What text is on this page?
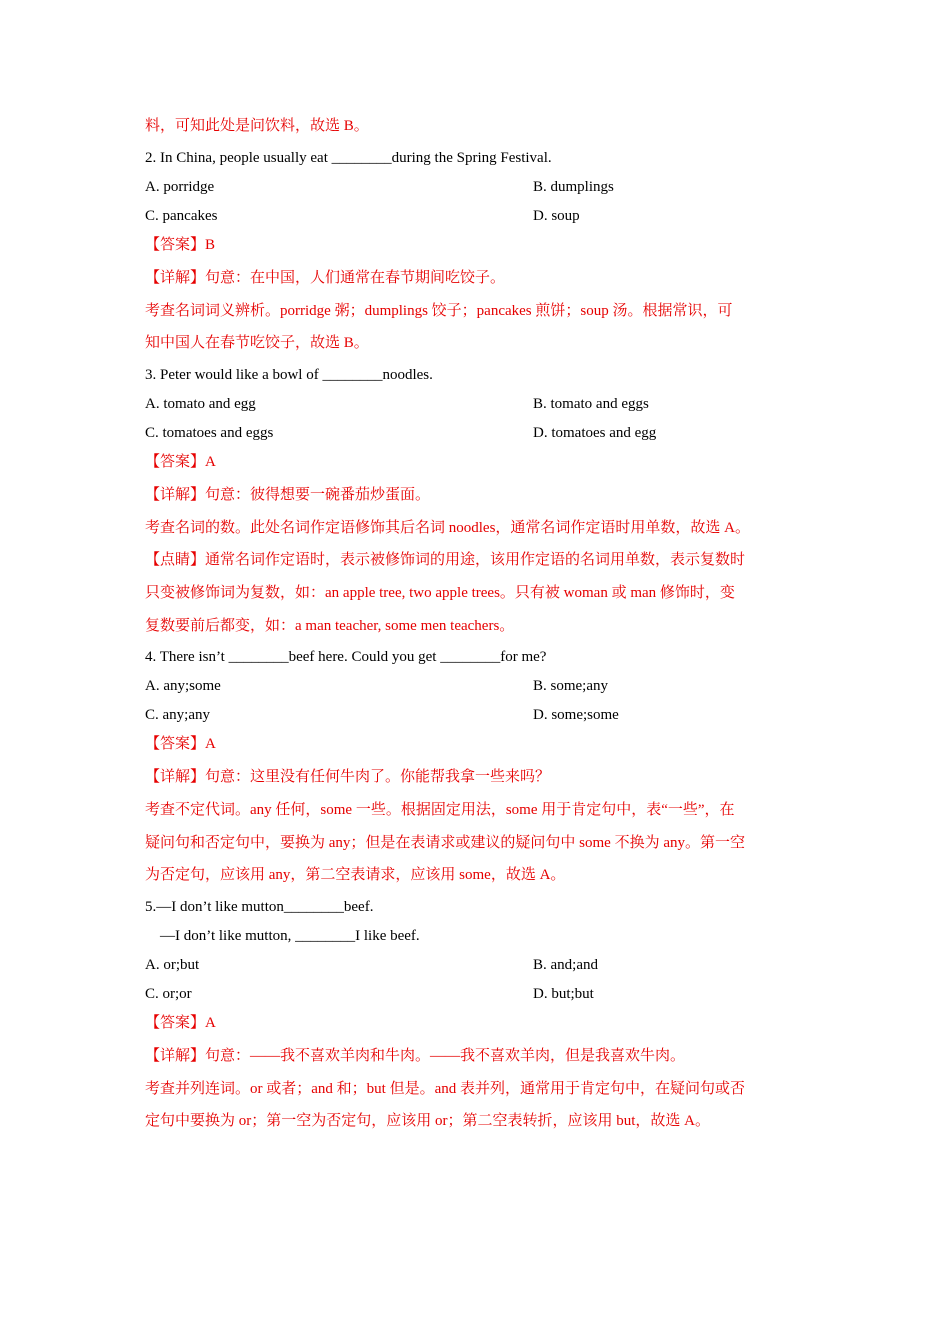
料，可知此处是问饮料，故选 B。
2. In China, people usually eat ________during the Spring Festival.
A. porridge	B. dumplings
C. pancakes	D. soup
【答案】B
【详解】句意：在中国，人们通常在春节期间吃饺子。
考查名词词义辨析。porridge 粥；dumplings 饺子；pancakes 煎饼；soup 汤。根据常识，可
知中国人在春节吃饺子，故选 B。
3. Peter would like a bowl of ________noodles.
A. tomato and egg	B. tomato and eggs
C. tomatoes and eggs	D. tomatoes and egg
【答案】A
【详解】句意：彼得想要一碗番茄炒蛋面。
考查名词的数。此处名词作定语修饰其后名词 noodles，通常名词作定语时用单数，故选 A。
【点睛】通常名词作定语时，表示被修饰词的用途，该用作定语的名词用单数，表示复数时
只变被修饰词为复数，如：an apple tree, two apple trees。只有被 woman 或 man 修饰时，变
复数要前后都变，如：a man teacher, some men teachers。
4. There isn’t ________beef here. Could you get ________for me?
A. any;some	B. some;any
C. any;any	D. some;some
【答案】A
【详解】句意：这里没有任何牛肉了。你能帮我拿一些来吗？
考查不定代词。any 任何，some 一些。根据固定用法，some 用于肯定句中，表“一些”，在
疑问句和否定句中，要换为 any；但是在表请求或建议的疑问句中 some 不换为 any。第一空
为否定句，应该用 any，第二空表请求，应该用 some，故选 A。
5.—I don’t like mutton________beef.
—I don’t like mutton, ________I like beef.
A. or;but	B. and;and
C. or;or	D. but;but
【答案】A
【详解】句意：——我不喜欢羊肉和牛肉。——我不喜欢羊肉，但是我喜欢牛肉。
考查并列连词。or 或者；and 和；but 但是。and 表并列，通常用于肯定句中，在疑问句或否
定句中要换为 or；第一空为否定句，应该用 or；第二空表转折，应该用 but，故选 A。
